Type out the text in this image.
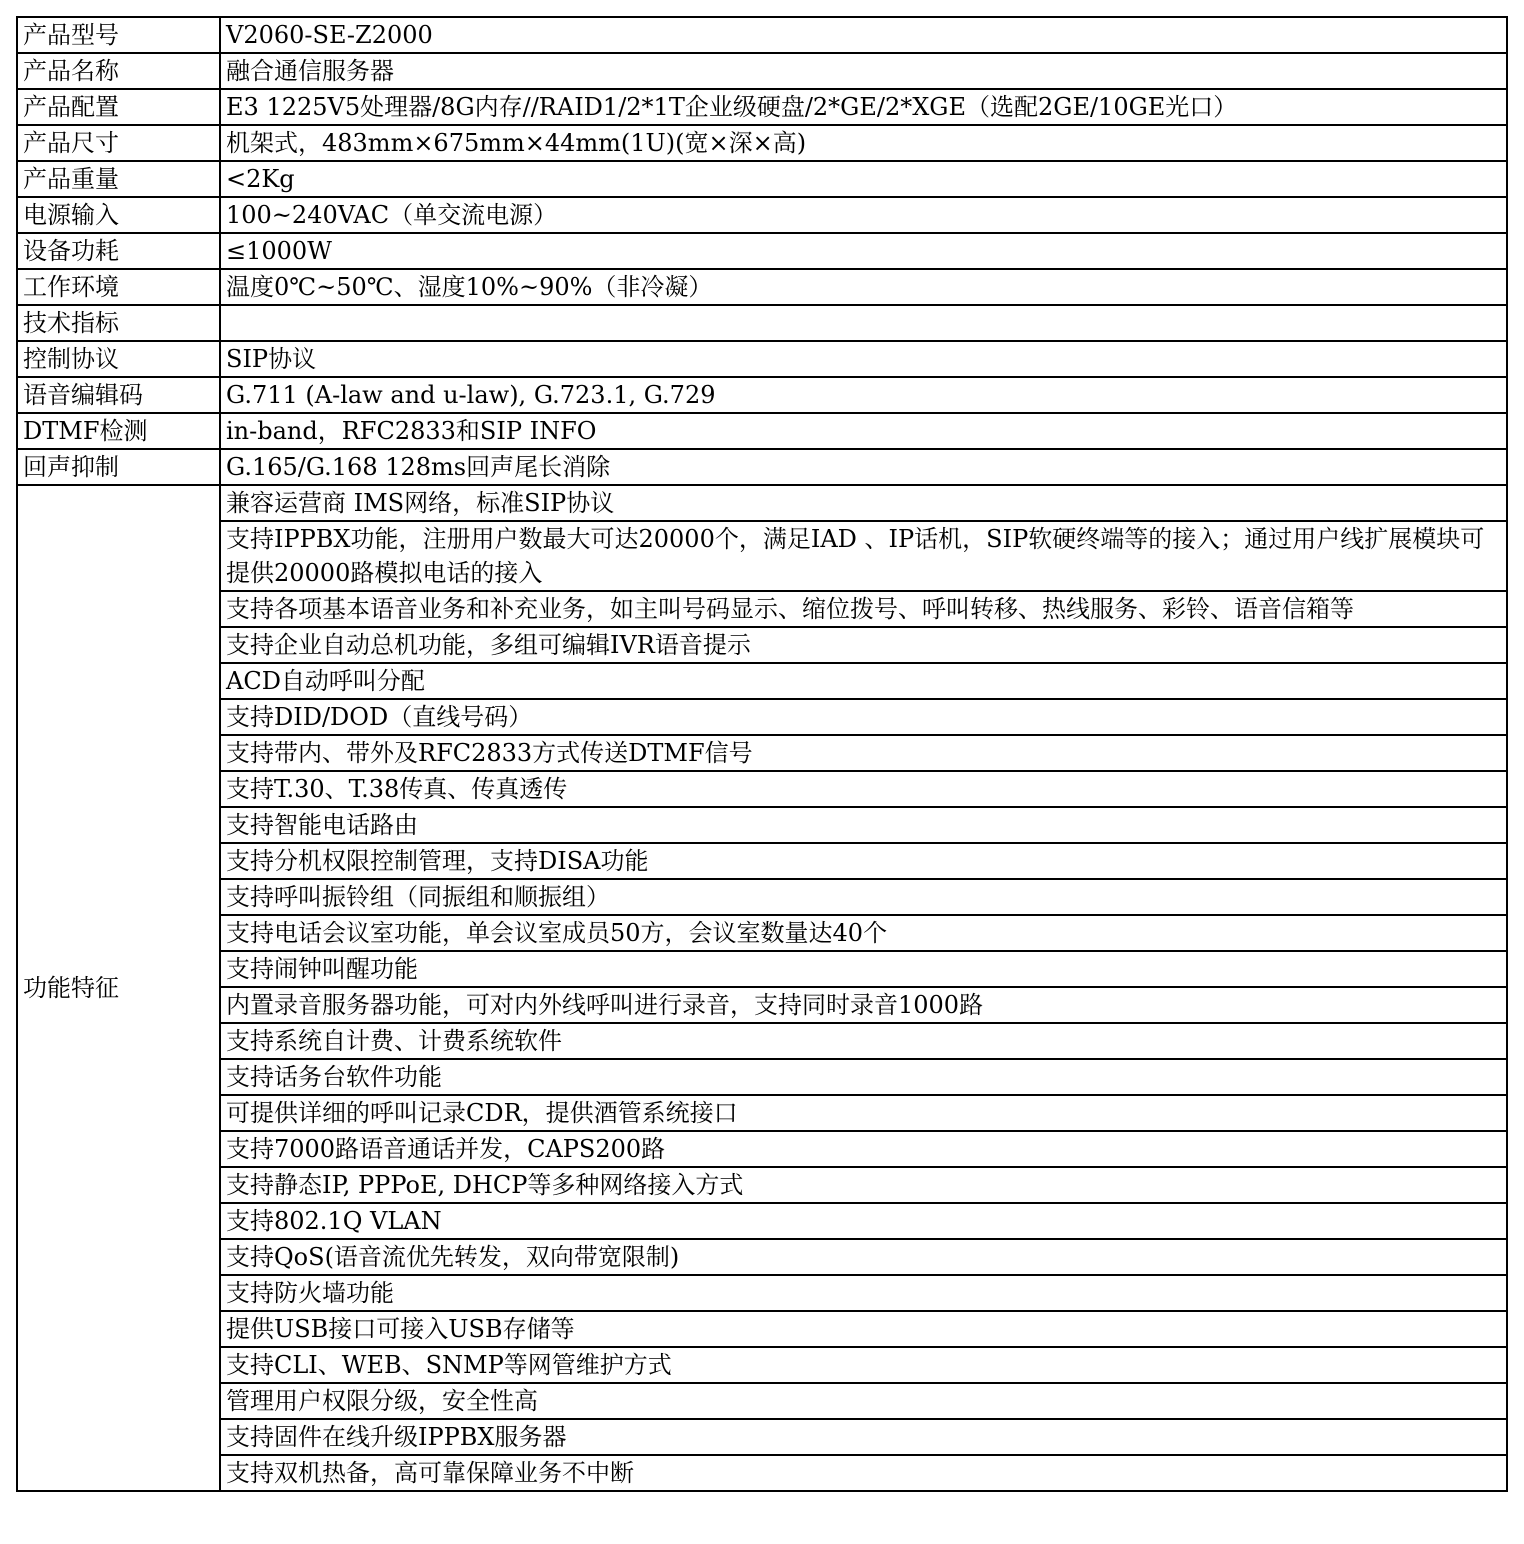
产品型号	V2060-SE-Z2000
产品名称	融合通信服务器
产品配置	E3 1225V5处理器/8G内存//RAID1/2*1T企业级硬盘/2*GE/2*XGE（选配2GE/10GE光口）
产品尺寸	机架式，483mm×675mm×44mm(1U)(宽×深×高)
产品重量	<2Kg
电源输入	100~240VAC（单交流电源）
设备功耗	≤1000W
工作环境	温度0℃~50℃、湿度10%~90%（非冷凝）
技术指标	
控制协议	SIP协议
语音编辑码	G.711 (A-law and u-law), G.723.1, G.729
DTMF检测	in-band，RFC2833和SIP INFO
回声抑制	G.165/G.168 128ms回声尾长消除
功能特征	兼容运营商 IMS网络，标准SIP协议
	支持IPPBX功能，注册用户数最大可达20000个，满足IAD 、IP话机，SIP软硬终端等的接入；通过用户线扩展模块可提供20000路模拟电话的接入
	支持各项基本语音业务和补充业务，如主叫号码显示、缩位拨号、呼叫转移、热线服务、彩铃、语音信箱等
	支持企业自动总机功能，多组可编辑IVR语音提示
	ACD自动呼叫分配
	支持DID/DOD（直线号码）
	支持带内、带外及RFC2833方式传送DTMF信号
	支持T.30、T.38传真、传真透传
	支持智能电话路由
	支持分机权限控制管理，支持DISA功能
	支持呼叫振铃组（同振组和顺振组）
	支持电话会议室功能，单会议室成员50方，会议室数量达40个
	支持闹钟叫醒功能
	内置录音服务器功能，可对内外线呼叫进行录音，支持同时录音1000路
	支持系统自计费、计费系统软件
	支持话务台软件功能
	可提供详细的呼叫记录CDR，提供酒管系统接口
	支持7000路语音通话并发，CAPS200路
	支持静态IP, PPPoE, DHCP等多种网络接入方式
	支持802.1Q VLAN
	支持QoS(语音流优先转发，双向带宽限制)
	支持防火墙功能
	提供USB接口可接入USB存储等
	支持CLI、WEB、SNMP等网管维护方式
	管理用户权限分级，安全性高
	支持固件在线升级IPPBX服务器
	支持双机热备，高可靠保障业务不中断
